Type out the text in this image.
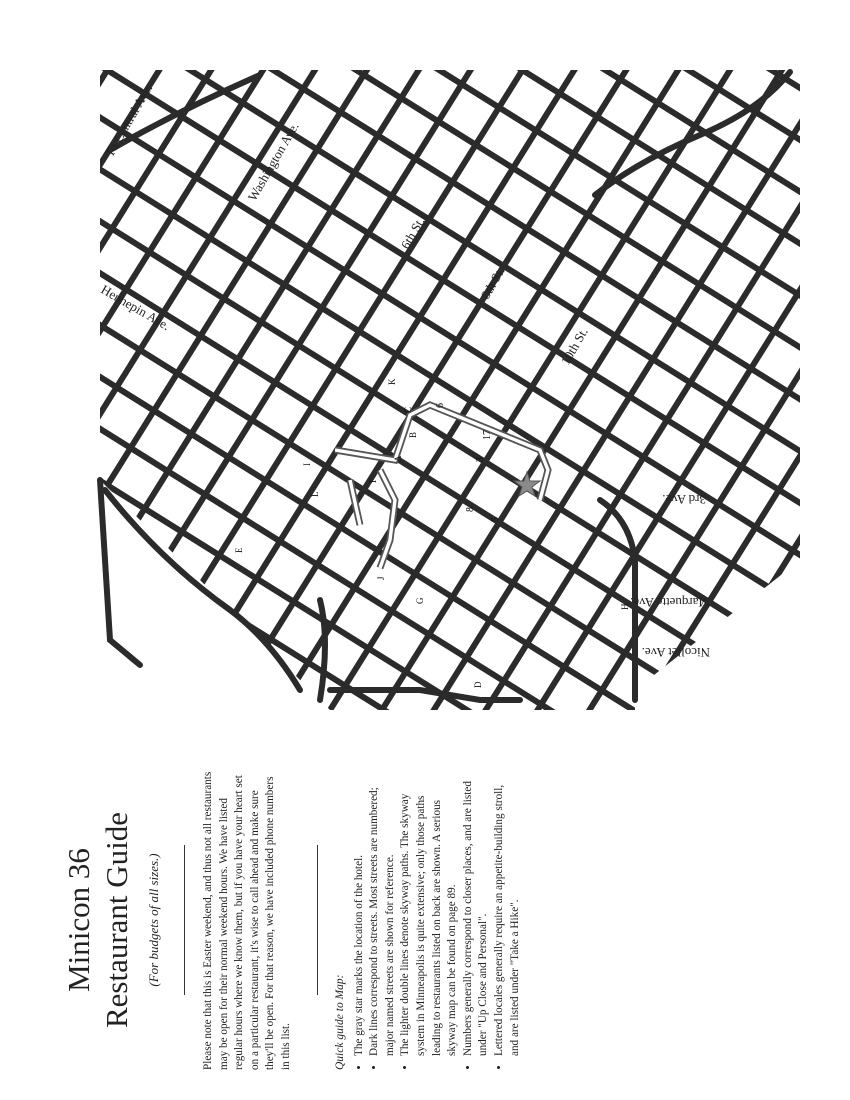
To Central Ave.	Washington Ave.
Hennepin Ave.
6th St.
8th St.
10th St.
3rd Ave.
Marquette Ave.
Nicollet Ave.
1
3
5
6
7
8
A
B
C
D
E
F
G
H
I
J
K
L
Minicon 36
Restaurant Guide (For budgets of all sizes.)	Please note that this is Easter weekend, and thus not all restaurants may be open for their normal weekend hours. We have listed regular hours where we know them, but if you have your heart set on a particular restaurant, it's wise to call ahead and make sure they'll be open. For that reason, we have included phone numbers in this list.	Quick guide to Map: • The gray star marks the location of the hotel. • Dark lines correspond to streets. Most streets are numbered; major named streets are shown for reference. • The lighter double lines denote skyway paths. The skyway system in Minneapolis is quite extensive; only those paths leading to restaurants listed on back are shown. A serious skyway map can be found on page 89. • Numbers generally correspond to closer places, and are listed under "Up Close and Personal". • Lettered locales generally require an appetite-building stroll, and are listed under "Take a Hike".
